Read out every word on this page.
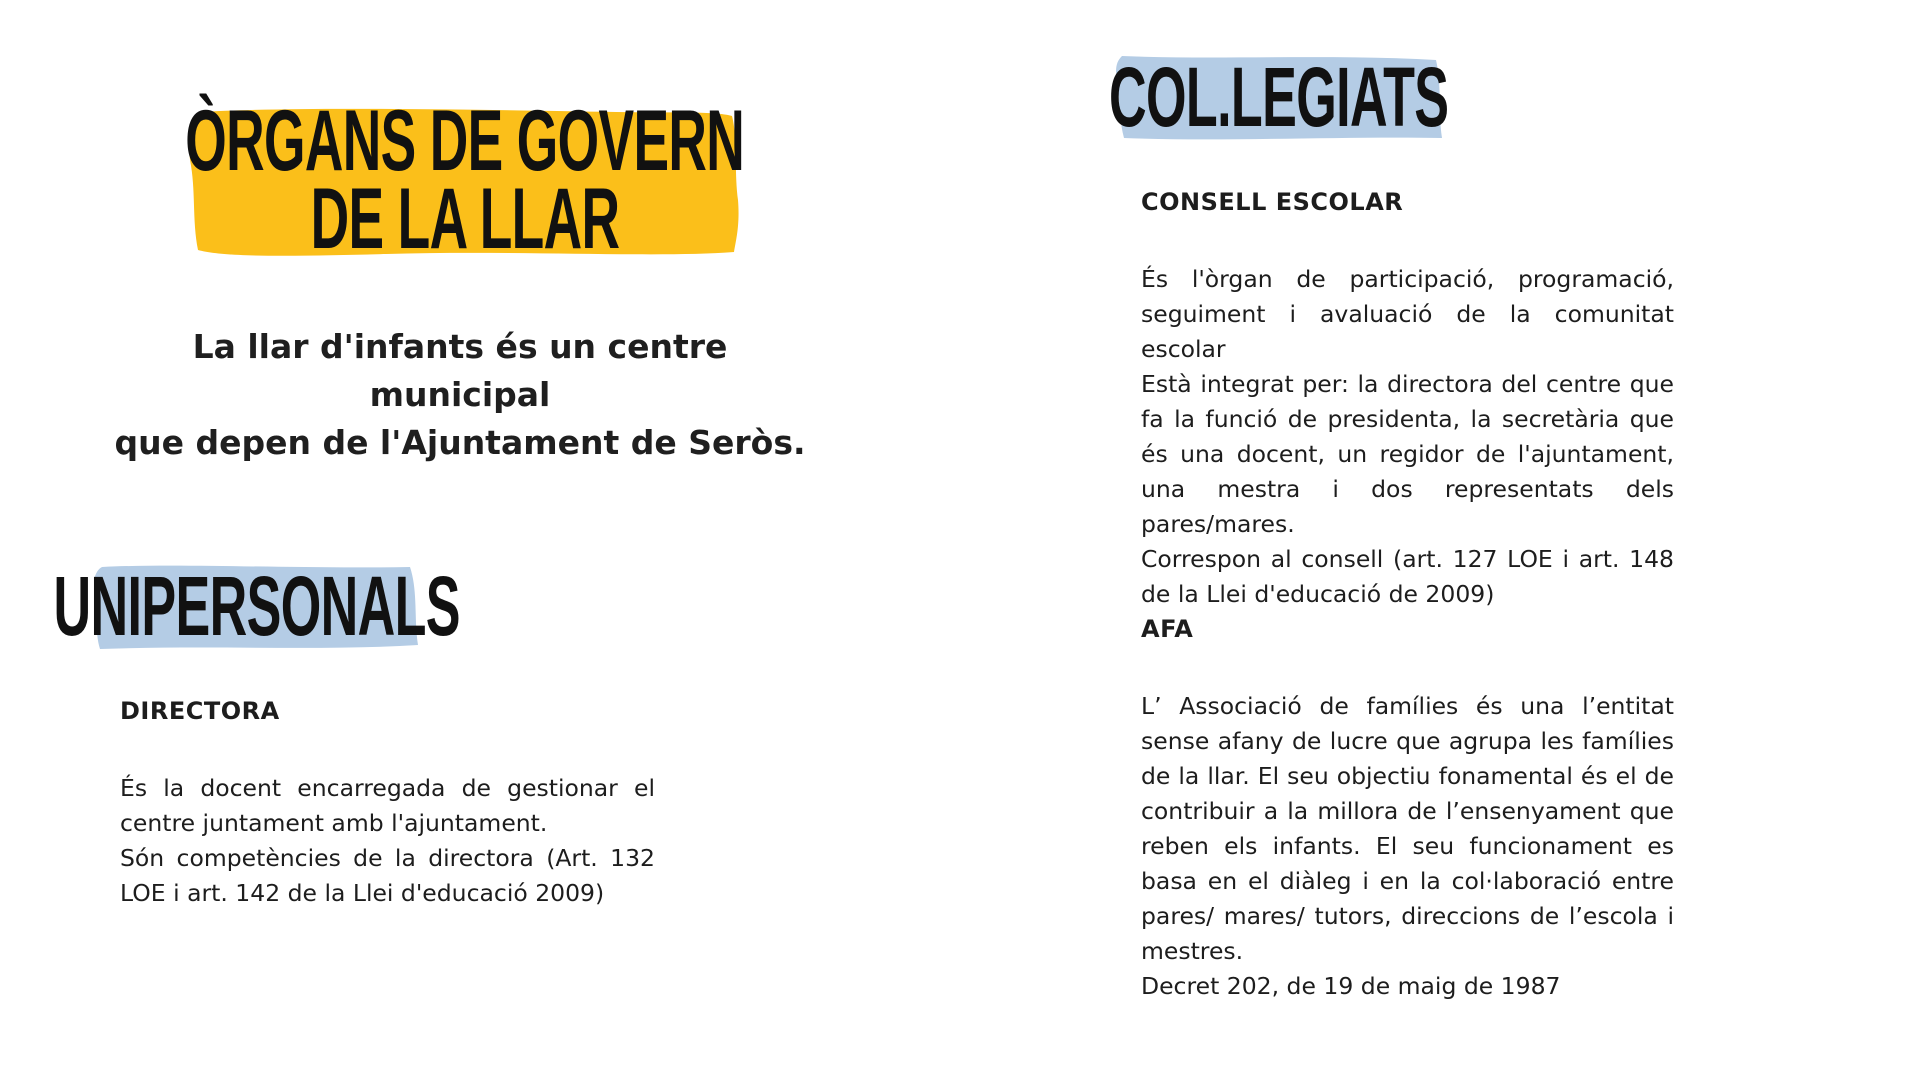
ÒRGANS DE GOVERN
DE LA LLAR
La llar d'infants és un centre municipal
que depen de l'Ajuntament de Seròs.
UNIPERSONALS
DIRECTORA

És la docent encarregada de gestionar el centre juntament amb l'ajuntament.

Són competències de la directora (Art. 132 LOE i art. 142 de la Llei d'educació 2009)

COL.LEGIATS
CONSELL ESCOLAR

És l'òrgan de participació, programació, seguiment i avaluació de la comunitat escolar

Està integrat per: la directora del centre que fa la funció de presidenta, la secretària que és una docent, un regidor de l'ajuntament, una mestra i dos representats dels pares/mares.

Correspon al consell (art. 127 LOE i art. 148 de la Llei d'educació de 2009)

AFA

L’ Associació de famílies és una l’entitat sense afany de lucre que agrupa les famílies de la llar. El seu objectiu fonamental és el de contribuir a la millora de l’ensenyament que reben els infants. El seu funcionament es basa en el diàleg i en la col·laboració entre pares/ mares/ tutors, direccions de l’escola i mestres.

Decret 202, de 19 de maig de 1987
